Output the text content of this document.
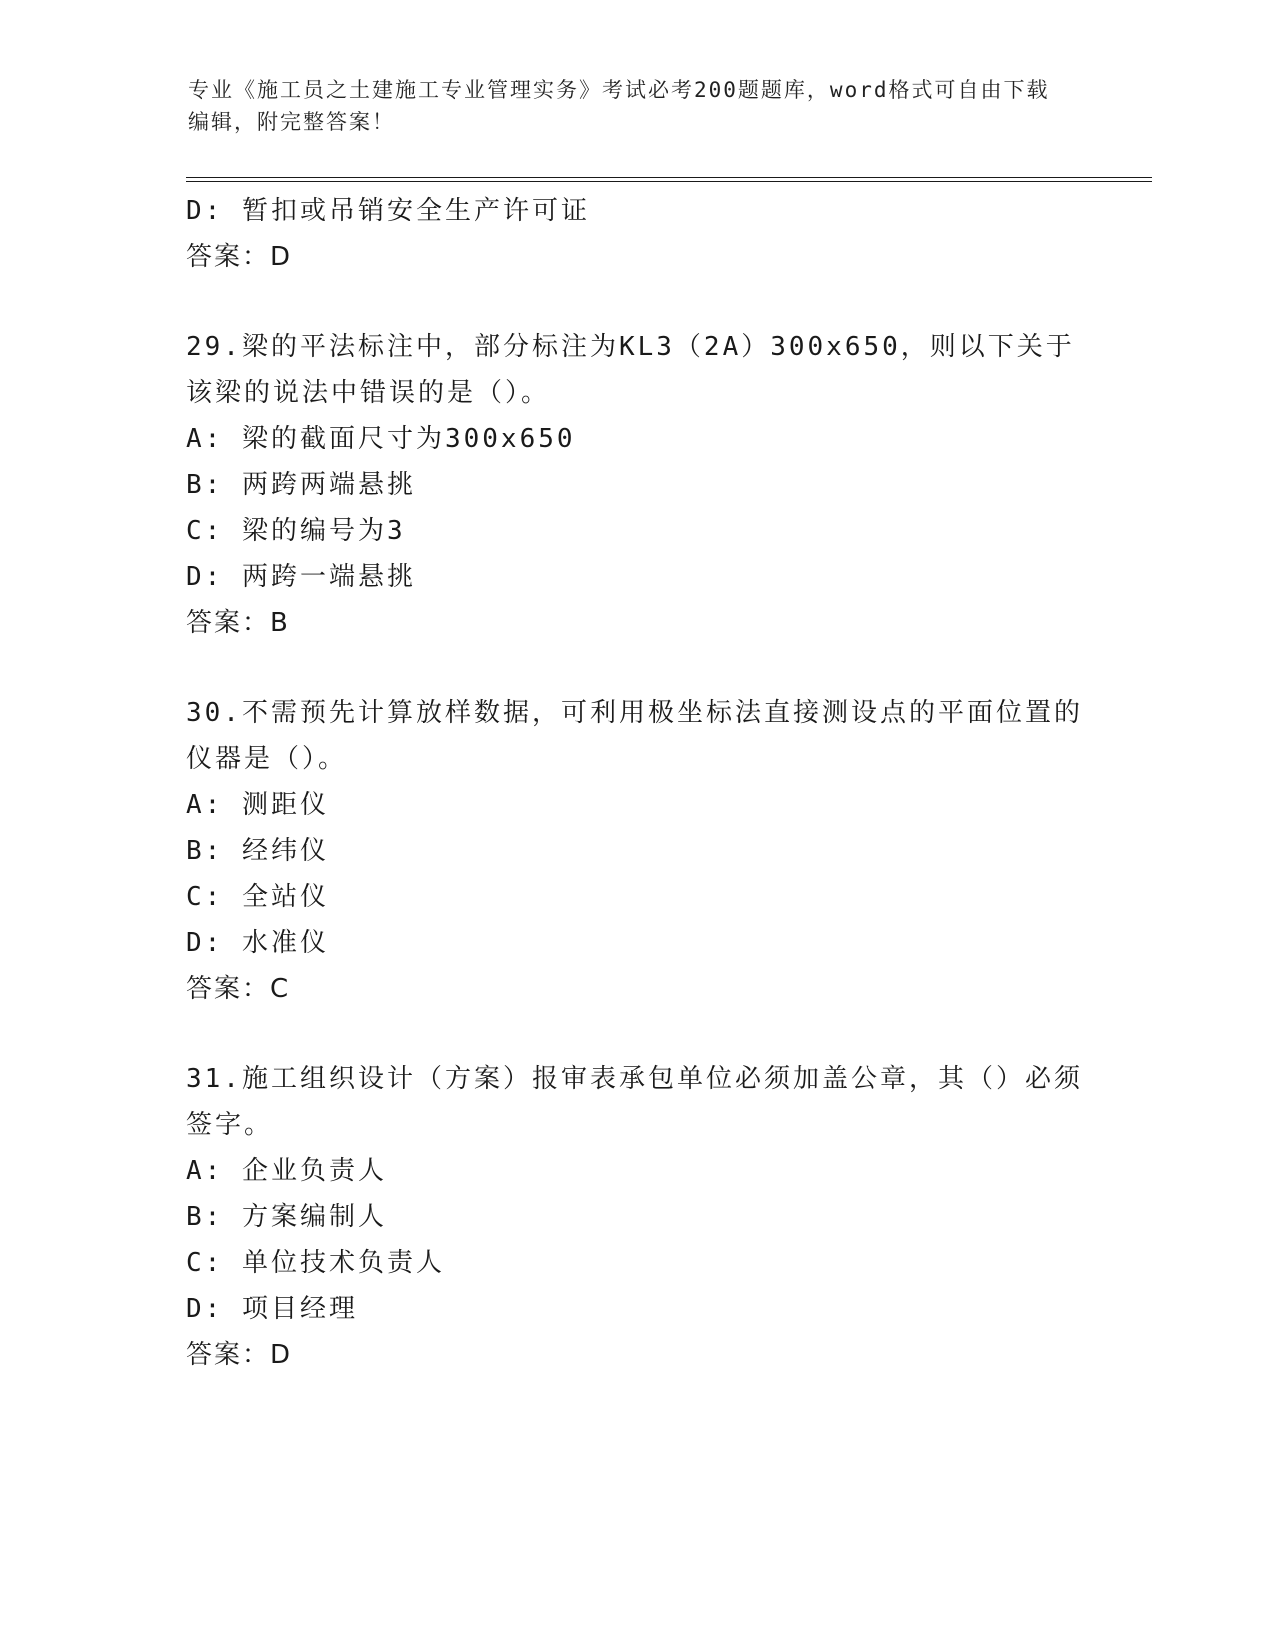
专业《施工员之土建施工专业管理实务》考试必考200题题库，word格式可自由下载编辑，附完整答案！
D: 暂扣或吊销安全生产许可证
答案：D
29.梁的平法标注中，部分标注为KL3（2A）300x650，则以下关于该梁的说法中错误的是（）。
A: 梁的截面尺寸为300x650
B: 两跨两端悬挑
C: 梁的编号为3
D: 两跨一端悬挑
答案：B
30.不需预先计算放样数据，可利用极坐标法直接测设点的平面位置的仪器是（）。
A: 测距仪
B: 经纬仪
C: 全站仪
D: 水准仪
答案：C
31.施工组织设计（方案）报审表承包单位必须加盖公章，其（）必须签字。
A: 企业负责人
B: 方案编制人
C: 单位技术负责人
D: 项目经理
答案：D
